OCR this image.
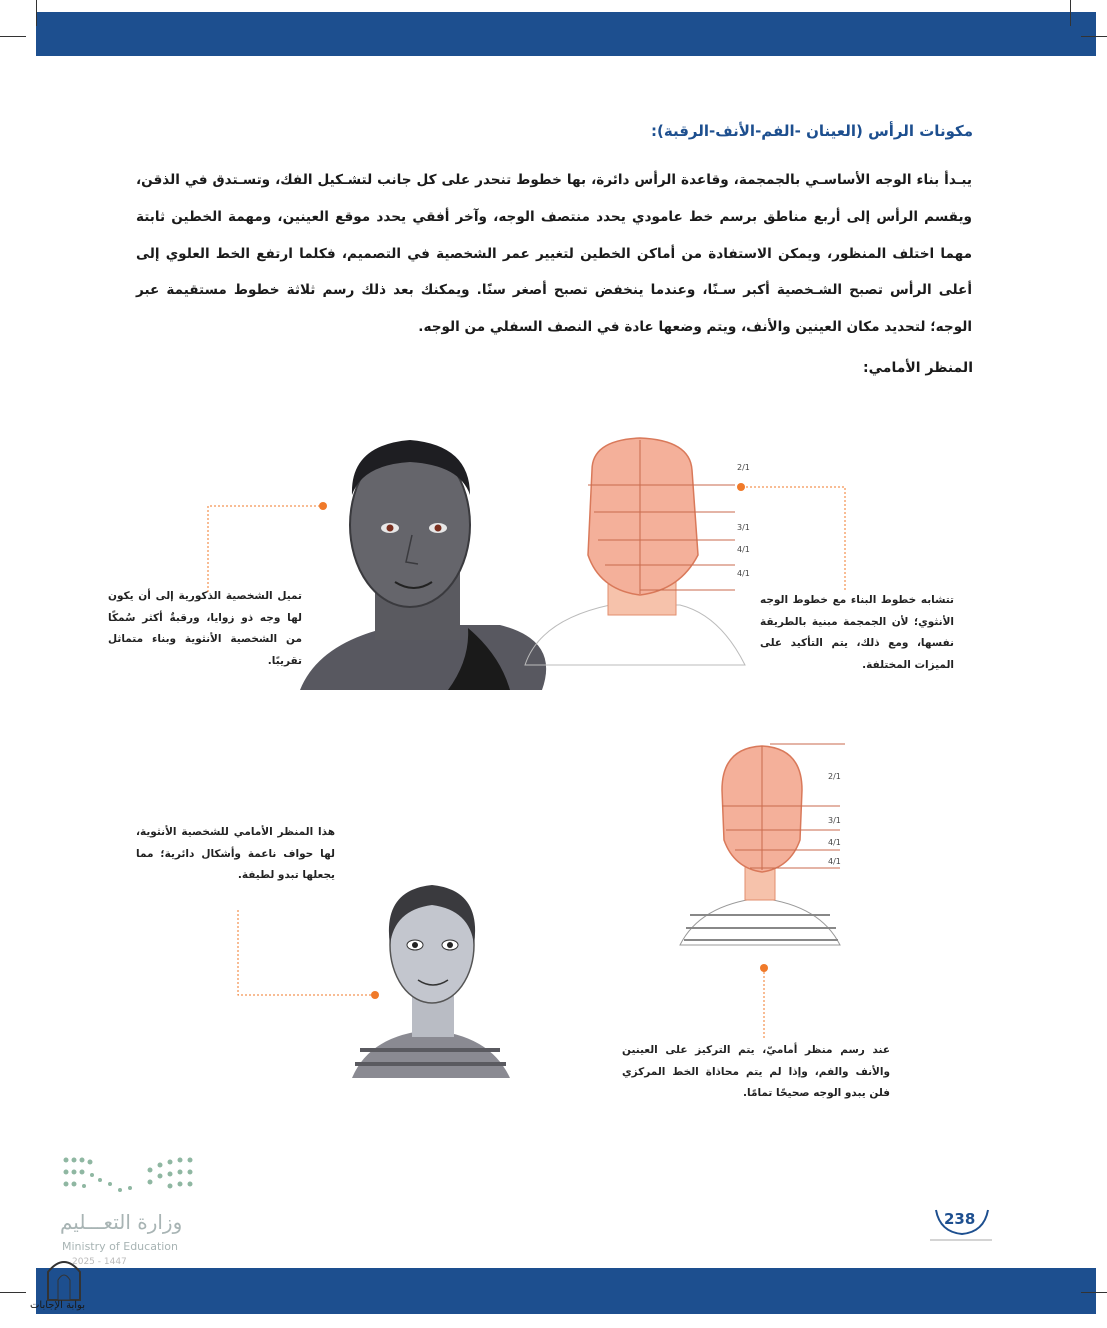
مكونات الرأس (العينان -الفم-الأنف-الرقبة):
يبـدأ بناء الوجه الأساسـي بالجمجمة، وقاعدة الرأس دائرة، بها خطوط تنحدر على كل جانب لتشـكيل الفك، وتسـتدق في الذقن، ويقسم الرأس إلى أربع مناطق برسم خط عامودي يحدد منتصف الوجه، وآخر أفقي يحدد موقع العينين، ومهمة الخطين ثابتة مهما اختلف المنظور، ويمكن الاستفادة من أماكن الخطين لتغيير عمر الشخصية في التصميم، فكلما ارتفع الخط العلوي إلى أعلى الرأس تصبح الشـخصية أكبر سـنًا، وعندما ينخفض تصبح أصغر سنًا. ويمكنك بعد ذلك رسم ثلاثة خطوط مستقيمة عبر الوجه؛ لتحديد مكان العينين والأنف، ويتم وضعها عادة في النصف السفلي من الوجه.
المنظر الأمامي:
تميل الشخصية الذكورية إلى أن يكون لها وجه ذو زوايا، ورقبةٌ أكثر سُمكًا من الشخصية الأنثوية وبناء متماثل تقريبًا.
تتشابه خطوط البناء مع خطوط الوجه الأنثوي؛ لأن الجمجمة مبنية بالطريقة نفسها، ومع ذلك، يتم التأكيد على الميزات المختلفة.
هذا المنظر الأمامي للشخصية الأنثوية، لها حواف ناعمة وأشكال دائرية؛ مما يجعلها تبدو لطيفة.
عند رسم منظر أماميّ، يتم التركيز على العينين والأنف والفم، وإذا لم يتم محاذاة الخط المركزي فلن يبدو الوجه صحيحًا تمامًا.
2/1
3/1
4/1
4/1
2/1
3/1
4/1
4/1
238
وزارة التعـــليم
Ministry of Education
2025 - 1447
بوابة الإجابات
